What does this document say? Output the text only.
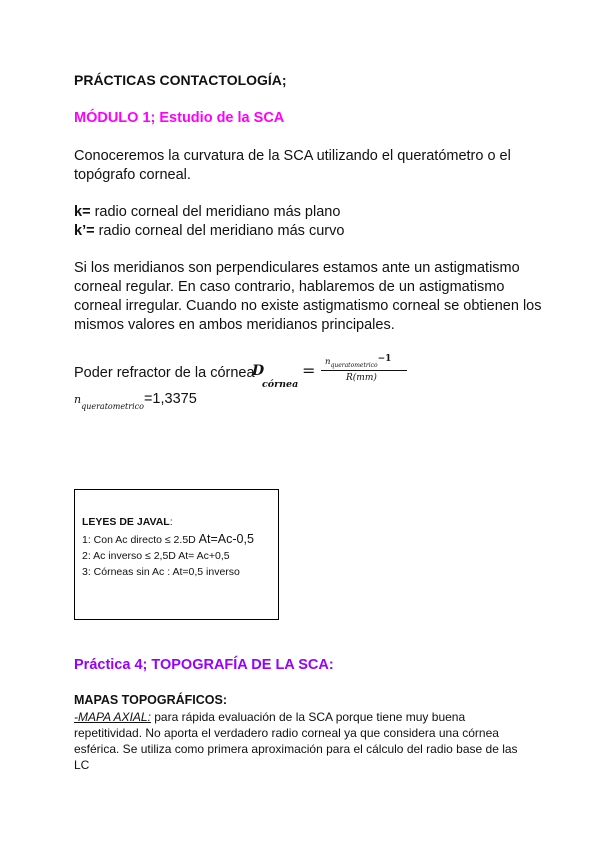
PRÁCTICAS CONTACTOLOGÍA;
MÓDULO 1; Estudio de la SCA
Conoceremos la curvatura de la SCA utilizando el queratómetro o el
topógrafo corneal.
k= radio corneal del meridiano más plano
k’= radio corneal del meridiano más curvo
Si los meridianos son perpendiculares estamos ante un astigmatismo
corneal regular. En caso contrario, hablaremos de un astigmatismo
corneal irregular. Cuando no existe astigmatismo corneal se obtienen los
mismos valores en ambos meridianos principales.
Poder refractor de la córnea
D
córnea
= $n_{queratometrico}-1$
R(mm)
$n_{queratometrico}=1,3375$
LEYES DE JAVAL:
1: Con Ac directo ≤ 2.5D At=Ac-0,5
2: Ac inverso ≤ 2,5D At= Ac+0,5
3: Córneas sin Ac : At=0,5 inverso
Práctica 4; TOPOGRAFÍA DE LA SCA:
MAPAS TOPOGRÁFICOS:
-MAPA AXIAL: para rápida evaluación de la SCA porque tiene muy buena
repetitividad. No aporta el verdadero radio corneal ya que considera una córnea
esférica. Se utiliza como primera aproximación para el cálculo del radio base de las
LC
